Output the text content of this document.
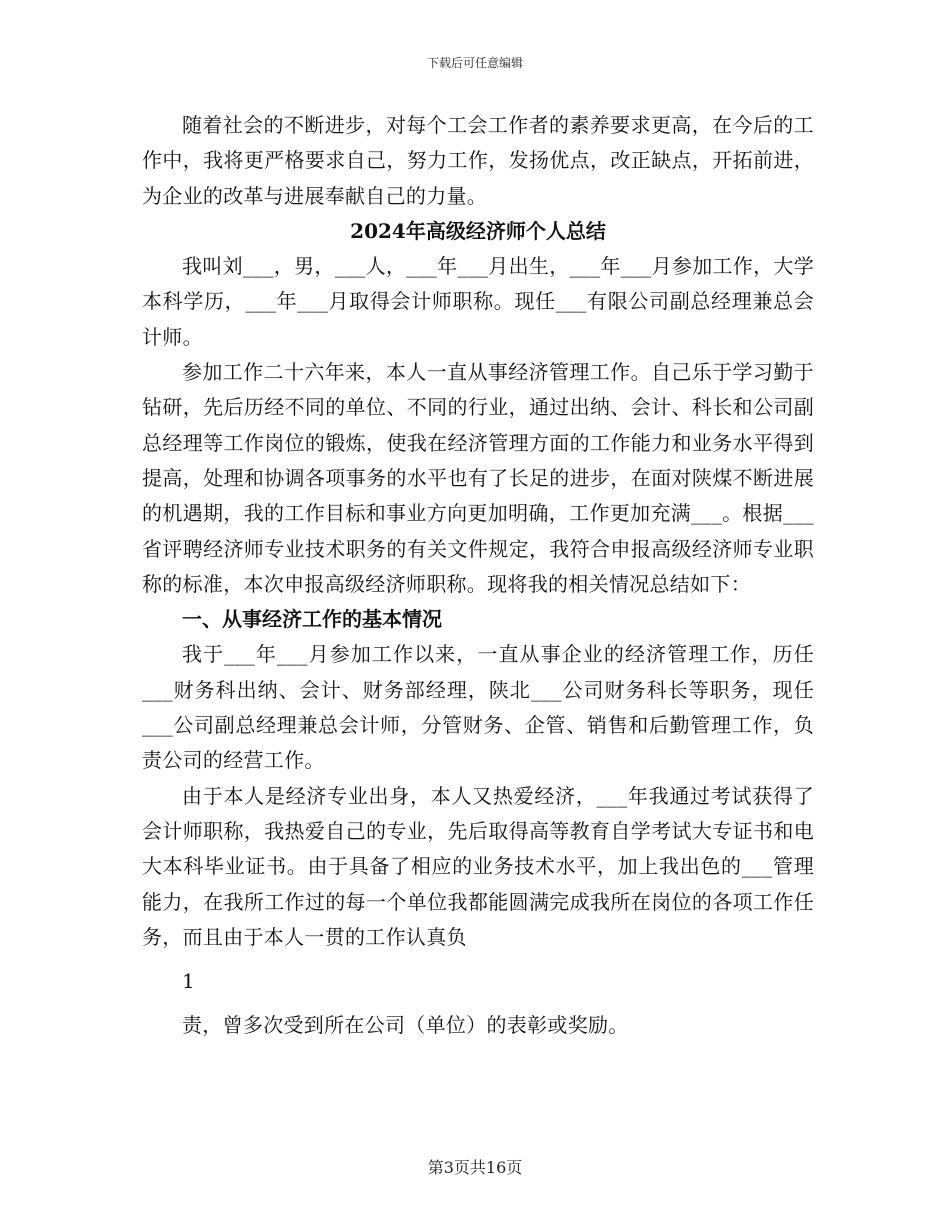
下载后可任意编辑

随着社会的不断进步，对每个工会工作者的素养要求更高，在今后的工作中，我将更严格要求自己，努力工作，发扬优点，改正缺点，开拓前进，为企业的改革与进展奉献自己的力量。

2024年高级经济师个人总结

我叫刘___，男，___人，___年___月出生，___年___月参加工作，大学本科学历，___年___月取得会计师职称。现任___有限公司副总经理兼总会计师。

参加工作二十六年来，本人一直从事经济管理工作。自己乐于学习勤于钻研，先后历经不同的单位、不同的行业，通过出纳、会计、科长和公司副总经理等工作岗位的锻炼，使我在经济管理方面的工作能力和业务水平得到提高，处理和协调各项事务的水平也有了长足的进步，在面对陕煤不断进展的机遇期，我的工作目标和事业方向更加明确，工作更加充满___。根据___省评聘经济师专业技术职务的有关文件规定，我符合申报高级经济师专业职称的标准，本次申报高级经济师职称。现将我的相关情况总结如下：

一、从事经济工作的基本情况

我于___年___月参加工作以来，一直从事企业的经济管理工作，历任___财务科出纳、会计、财务部经理，陕北___公司财务科长等职务，现任___公司副总经理兼总会计师，分管财务、企管、销售和后勤管理工作，负责公司的经营工作。

由于本人是经济专业出身，本人又热爱经济，___年我通过考试获得了会计师职称，我热爱自己的专业，先后取得高等教育自学考试大专证书和电大本科毕业证书。由于具备了相应的业务技术水平，加上我出色的___管理能力，在我所工作过的每一个单位我都能圆满完成我所在岗位的各项工作任务，而且由于本人一贯的工作认真负

1

责，曾多次受到所在公司（单位）的表彰或奖励。

第3页共16页
